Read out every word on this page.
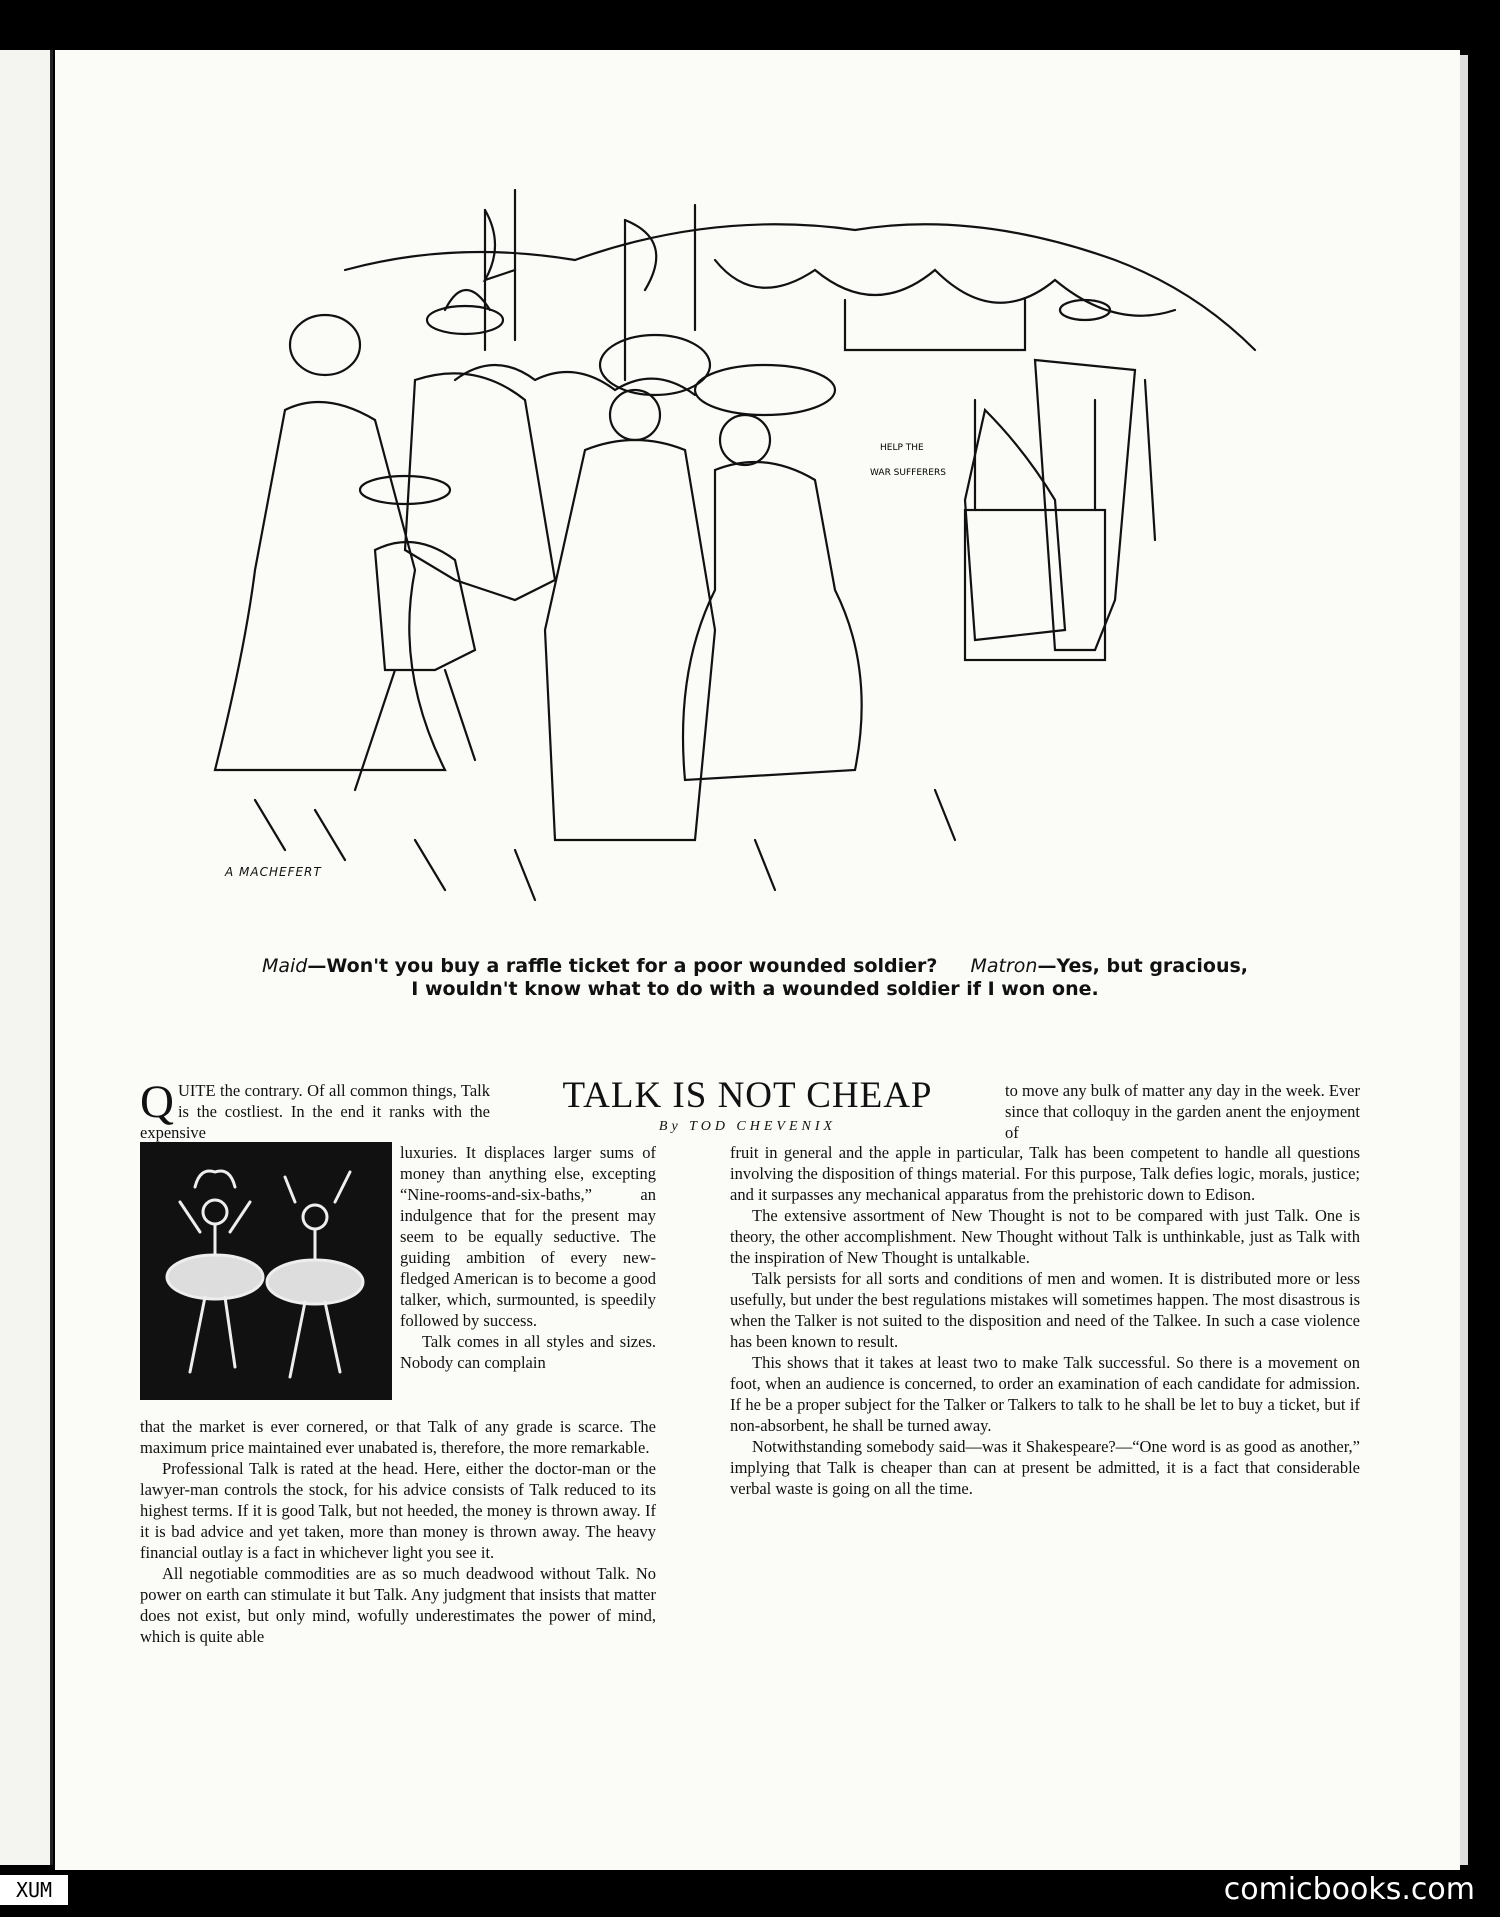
HELP THE
WAR SUFFERERS
A MACHEFERT
Maid—Won't you buy a raffle ticket for a poor wounded soldier? Matron—Yes, but gracious,
I wouldn't know what to do with a wounded soldier if I won one.
TALK IS NOT CHEAP
By TOD CHEVENIX
QUITE the contrary. Of all common things, Talk is the costliest. In the end it ranks with the expensive

luxuries. It displaces larger sums of money than anything else, excepting “Nine-rooms-and-six-baths,” an indulgence that for the present may seem to be equally seductive. The guiding ambition of every new-fledged American is to become a good talker, which, surmounted, is speedily followed by success.

Talk comes in all styles and sizes. Nobody can complain

that the market is ever cornered, or that Talk of any grade is scarce. The maximum price maintained ever unabated is, therefore, the more remarkable.

Professional Talk is rated at the head. Here, either the doctor-man or the lawyer-man controls the stock, for his advice consists of Talk reduced to its highest terms. If it is good Talk, but not heeded, the money is thrown away. If it is bad advice and yet taken, more than money is thrown away. The heavy financial outlay is a fact in whichever light you see it.

All negotiable commodities are as so much deadwood without Talk. No power on earth can stimulate it but Talk. Any judgment that insists that matter does not exist, but only mind, wofully underestimates the power of mind, which is quite able

to move any bulk of matter any day in the week. Ever since that colloquy in the garden anent the enjoyment of

fruit in general and the apple in particular, Talk has been competent to handle all questions involving the disposition of things material. For this purpose, Talk defies logic, morals, justice; and it surpasses any mechanical apparatus from the prehistoric down to Edison.

The extensive assortment of New Thought is not to be compared with just Talk. One is theory, the other accomplishment. New Thought without Talk is unthinkable, just as Talk with the inspiration of New Thought is untalkable.

Talk persists for all sorts and conditions of men and women. It is distributed more or less usefully, but under the best regulations mistakes will sometimes happen. The most disastrous is when the Talker is not suited to the disposition and need of the Talkee. In such a case violence has been known to result.

This shows that it takes at least two to make Talk successful. So there is a movement on foot, when an audience is concerned, to order an examination of each candidate for admission. If he be a proper subject for the Talker or Talkers to talk to he shall be let to buy a ticket, but if non-absorbent, he shall be turned away.

Notwithstanding somebody said—was it Shakespeare?—“One word is as good as another,” implying that Talk is cheaper than can at present be admitted, it is a fact that considerable verbal waste is going on all the time.

XUM	comicbooks.com
